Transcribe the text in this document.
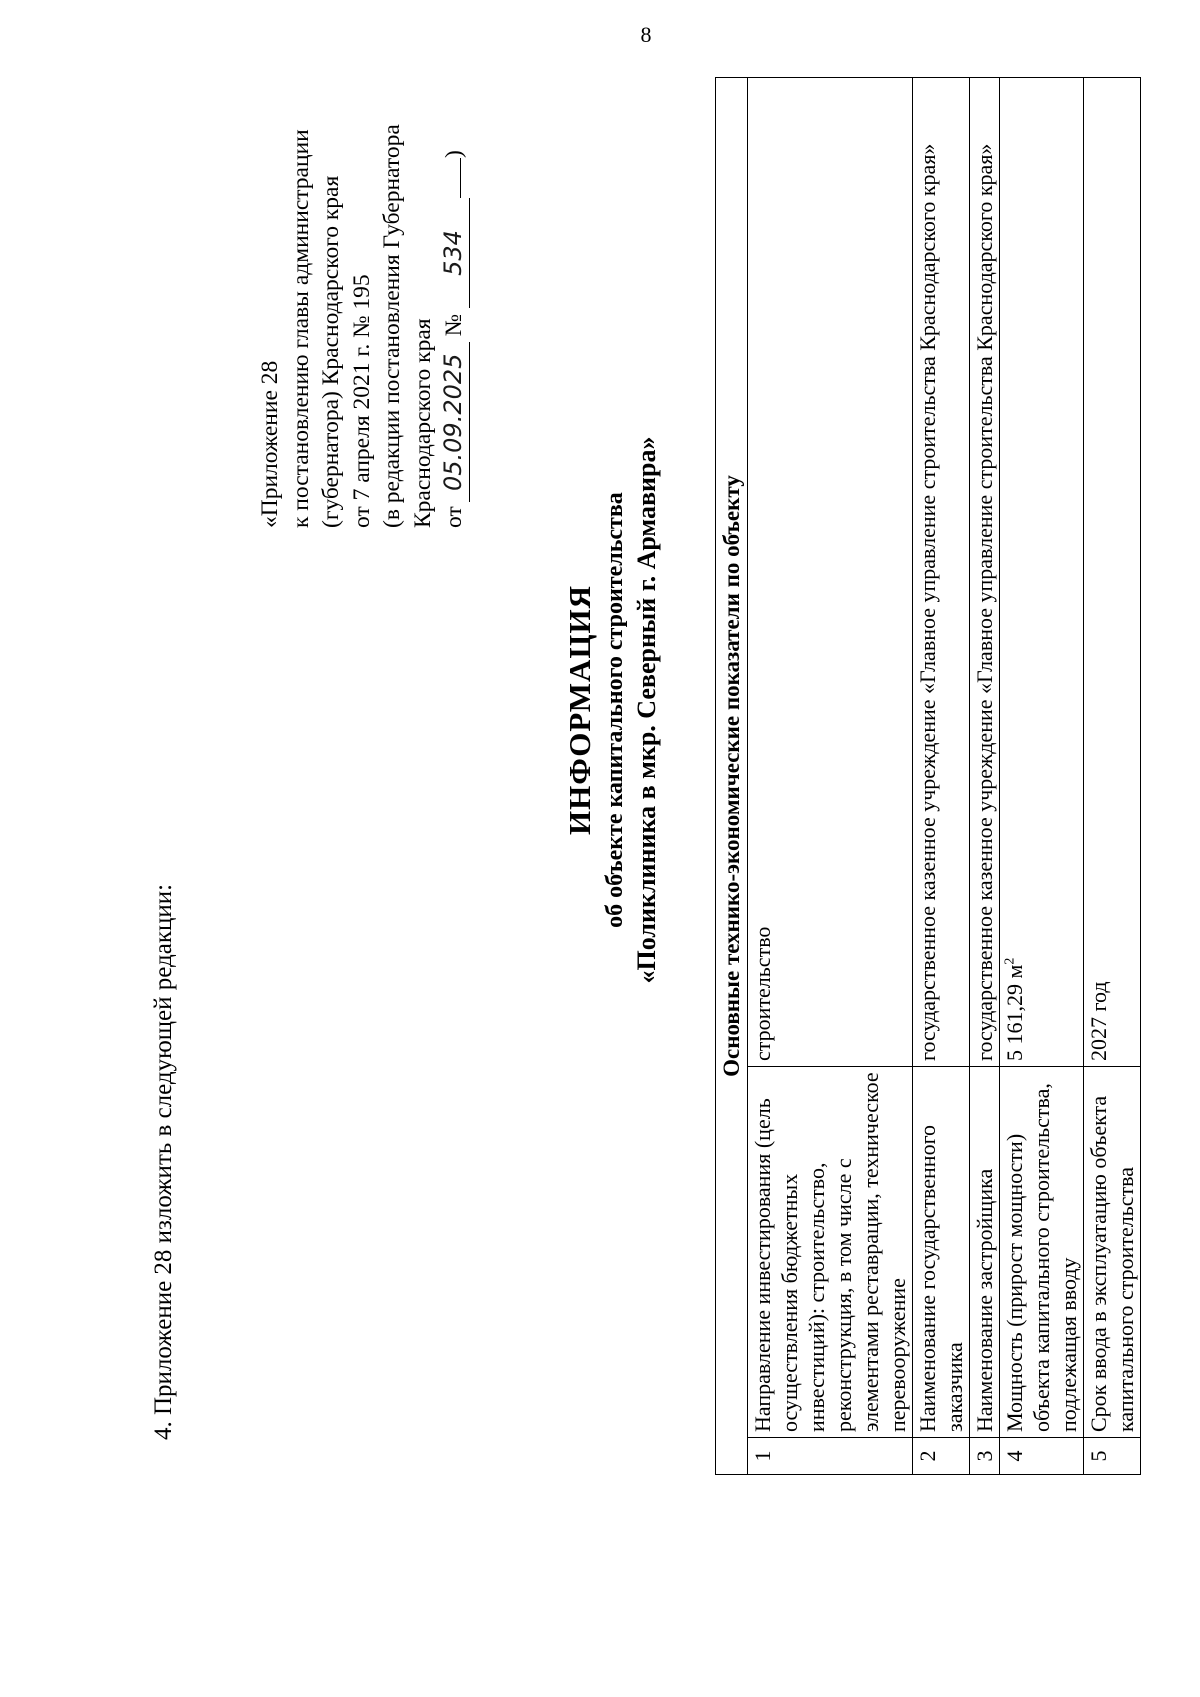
8
4. Приложение 28 изложить в следующей редакции:
«Приложение 28 к постановлению главы администрации (губернатора) Краснодарского края от 7 апреля 2021 г. № 195 (в редакции постановления Губернатора Краснодарского края от05.09.2025 №534)
ИНФОРМАЦИЯ об объекте капитального строительства «Поликлиника в мкр. Северный г. Армавира»	Основные технико-экономические показатели по объекту		
1	Направление инвестирования (цель осуществления бюджетных инвестиций): строительство, реконструкция, в том числе с элементами реставрации, техническое перевооружение	строительство
2	Наименование государственного заказчика	государственное казенное учреждение «Главное управление строительства Краснодарского края»
3	Наименование застройщика	государственное казенное учреждение «Главное управление строительства Краснодарского края»
4	Мощность (прирост мощности) объекта капитального строительства, подлежащая вводу	5 161,29 $м^2$
5	Срок ввода в эксплуатацию объекта капитального строительства	2027 год
